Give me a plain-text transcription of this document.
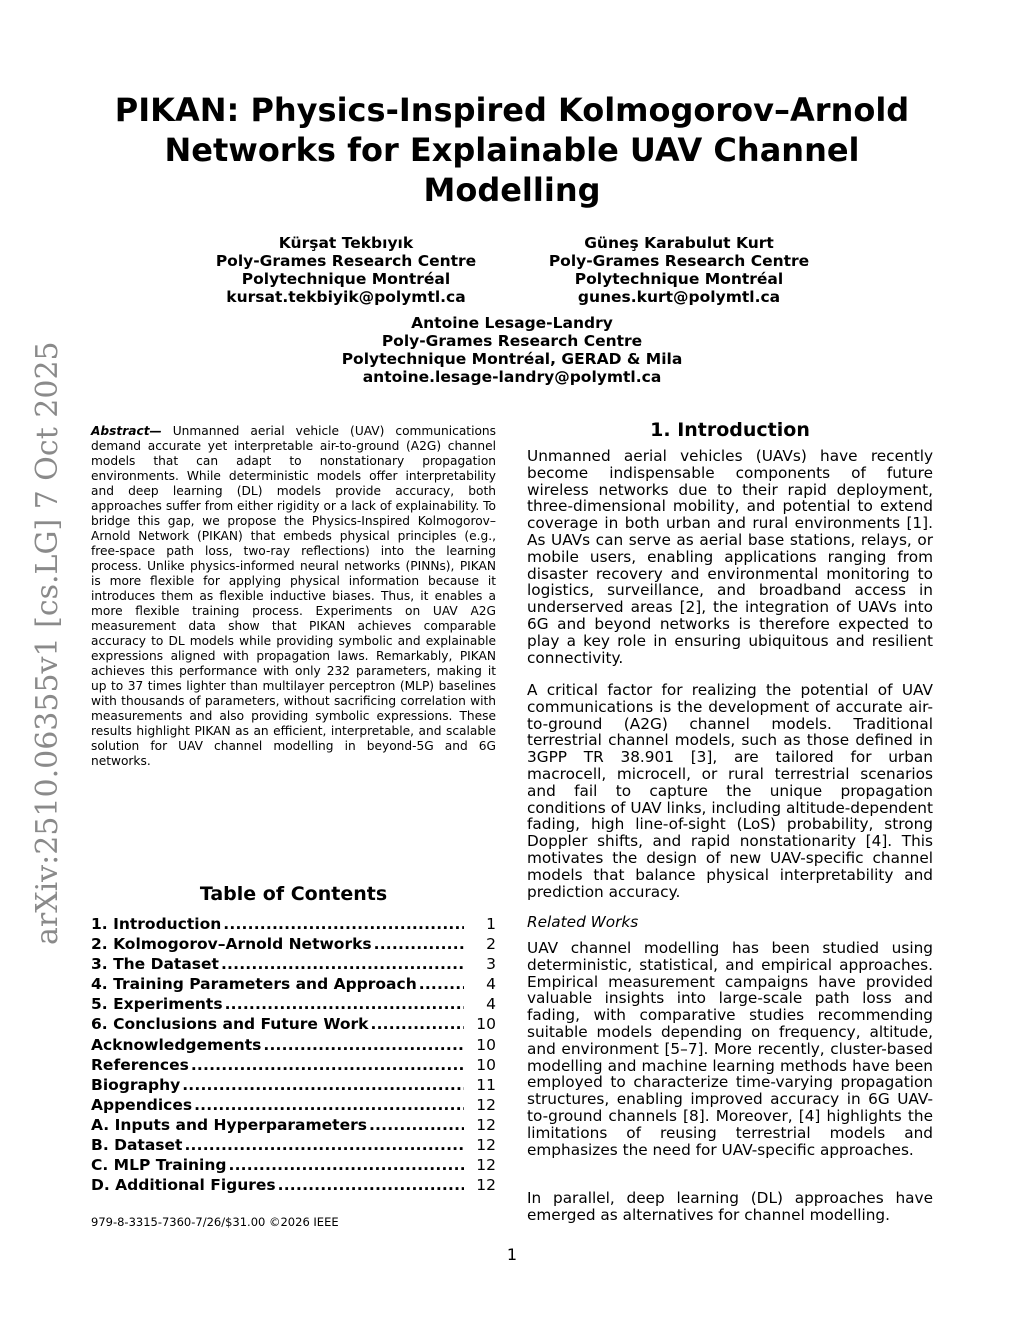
arXiv:2510.06355v1 [cs.LG] 7 Oct 2025
PIKAN: Physics-Inspired Kolmogorov–Arnold Networks for Explainable UAV Channel Modelling
Kürşat Tekbıyık
Poly-Grames Research Centre
Polytechnique Montréal
kursat.tekbiyik@polymtl.ca
Güneş Karabulut Kurt
Poly-Grames Research Centre
Polytechnique Montréal
gunes.kurt@polymtl.ca
Antoine Lesage-Landry
Poly-Grames Research Centre
Polytechnique Montréal, GERAD & Mila
antoine.lesage-landry@polymtl.ca
Abstract— Unmanned aerial vehicle (UAV) communications demand accurate yet interpretable air-to-ground (A2G) channel models that can adapt to nonstationary propagation environments. While deterministic models offer interpretability and deep learning (DL) models provide accuracy, both approaches suffer from either rigidity or a lack of explainability. To bridge this gap, we propose the Physics-Inspired Kolmogorov–Arnold Network (PIKAN) that embeds physical principles (e.g., free-space path loss, two-ray reflections) into the learning process. Unlike physics-informed neural networks (PINNs), PIKAN is more flexible for applying physical information because it introduces them as flexible inductive biases. Thus, it enables a more flexible training process. Experiments on UAV A2G measurement data show that PIKAN achieves comparable accuracy to DL models while providing symbolic and explainable expressions aligned with propagation laws. Remarkably, PIKAN achieves this performance with only 232 parameters, making it up to 37 times lighter than multilayer perceptron (MLP) baselines with thousands of parameters, without sacrificing correlation with measurements and also providing symbolic expressions. These results highlight PIKAN as an efficient, interpretable, and scalable solution for UAV channel modelling in beyond-5G and 6G networks.
Table of Contents
1. Introduction . . .	1
2. Kolmogorov–Arnold Networks . . .	2
3. The Dataset . . .	3
4. Training Parameters and Approach . . .	4
5. Experiments . . .	4
6. Conclusions and Future Work . . .	10
Acknowledgements . . .	10
References . . .	10
Biography . . .	11
Appendices . . .	12
A. Inputs and Hyperparameters . . .	12
B. Dataset . . .	12
C. MLP Training . . .	12
D. Additional Figures . . .	12
979-8-3315-7360-7/26/$31.00 ©2026 IEEE
1
1. Introduction

Unmanned aerial vehicles (UAVs) have recently become indispensable components of future wireless networks due to their rapid deployment, three-dimensional mobility, and potential to extend coverage in both urban and rural environments [1]. As UAVs can serve as aerial base stations, relays, or mobile users, enabling applications ranging from disaster recovery and environmental monitoring to logistics, surveillance, and broadband access in underserved areas [2], the integration of UAVs into 6G and beyond networks is therefore expected to play a key role in ensuring ubiquitous and resilient connectivity.

A critical factor for realizing the potential of UAV communications is the development of accurate air-to-ground (A2G) channel models. Traditional terrestrial channel models, such as those defined in 3GPP TR 38.901 [3], are tailored for urban macrocell, microcell, or rural terrestrial scenarios and fail to capture the unique propagation conditions of UAV links, including altitude-dependent fading, high line-of-sight (LoS) probability, strong Doppler shifts, and rapid nonstationarity [4]. This motivates the design of new UAV-specific channel models that balance physical interpretability and prediction accuracy.

Related Works

UAV channel modelling has been studied using deterministic, statistical, and empirical approaches. Empirical measurement campaigns have provided valuable insights into large-scale path loss and fading, with comparative studies recommending suitable models depending on frequency, altitude, and environment [5–7]. More recently, cluster-based modelling and machine learning methods have been employed to characterize time-varying propagation structures, enabling improved accuracy in 6G UAV-to-ground channels [8]. Moreover, [4] highlights the limitations of reusing terrestrial models and emphasizes the need for UAV-specific approaches.

In parallel, deep learning (DL) approaches have emerged as alternatives for channel modelling.
